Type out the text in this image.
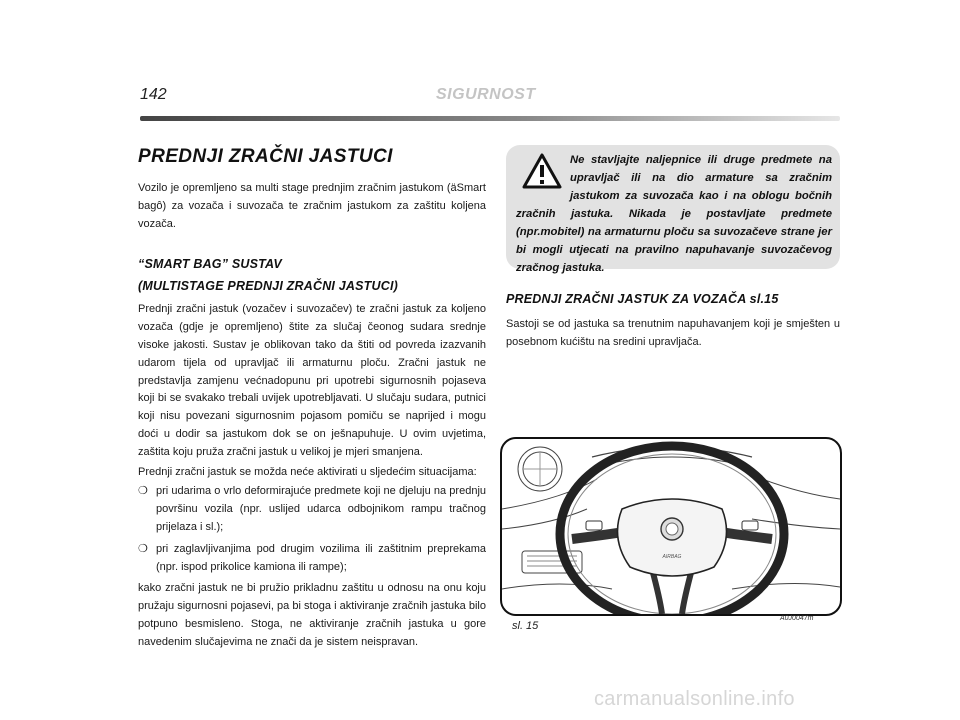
142	SIGURNOST
PREDNJI ZRAČNI JASTUCI

Vozilo je opremljeno sa multi stage prednjim zračnim jastukom (äSmart bagô) za vozača i suvozača te zračnim jastukom za zaštitu koljena vozača.

“SMART BAG” SUSTAV
(MULTISTAGE PREDNJI ZRAČNI JASTUCI)

Prednji zračni jastuk (vozačev i suvozačev) te zračni jastuk za koljeno vozača (gdje je opremljeno) štite za slučaj čeonog sudara srednje visoke jakosti. Sustav je oblikovan tako da štiti od povreda izazvanih udarom tijela od upravljač ili armaturnu ploču. Zračni jastuk ne predstavlja zamjenu većnadopunu pri upotrebi sigurnosnih pojaseva koji bi se svakako trebali uvijek upotrebljavati. U slučaju sudara, putnici koji nisu povezani sigurnosnim pojasom pomiču se naprijed i mogu doći u dodir sa jastukom dok se on ješnapuhuje. U ovim uvjetima, zaštita koju pruža zračni jastuk u velikoj je mjeri smanjena.

Prednji zračni jastuk se možda neće aktivirati u sljedećim situacijama:

❍ pri udarima o vrlo deformirajuće predmete koji ne djeluju na prednju površinu vozila (npr. uslijed udarca odbojnikom rampu tračnog prijelaza i sl.);
❍ pri zaglavljivanjima pod drugim vozilima ili zaštitnim preprekama (npr. ispod prikolice kamiona ili rampe);

kako zračni jastuk ne bi pružio prikladnu zaštitu u odnosu na onu koju pružaju sigurnosni pojasevi, pa bi stoga i aktiviranje zračnih jastuka bilo potpuno besmisleno. Stoga, ne aktiviranje zračnih jastuka u gore navedenim slučajevima ne znači da je sistem neispravan.

Ne stavljajte naljepnice ili druge predmete na upravljač ili na dio armature sa zračnim jastukom za suvozača kao i na oblogu bočnih zračnih jastuka. Nikada je postavljate predmete (npr.mobitel) na armaturnu ploču sa suvozačeve strane jer bi mogli utjecati na pravilno napuhavanje suvozačevog zračnog jastuka.
PREDNJI ZRAČNI JASTUK ZA VOZAČA sl.15

Sastoji se od jastuka sa trenutnim napuhavanjem koji je smješten u posebnom kućištu na sredini upravljača.

AIRBAG
sl. 15
A0J0047m
carmanualsonline.info
